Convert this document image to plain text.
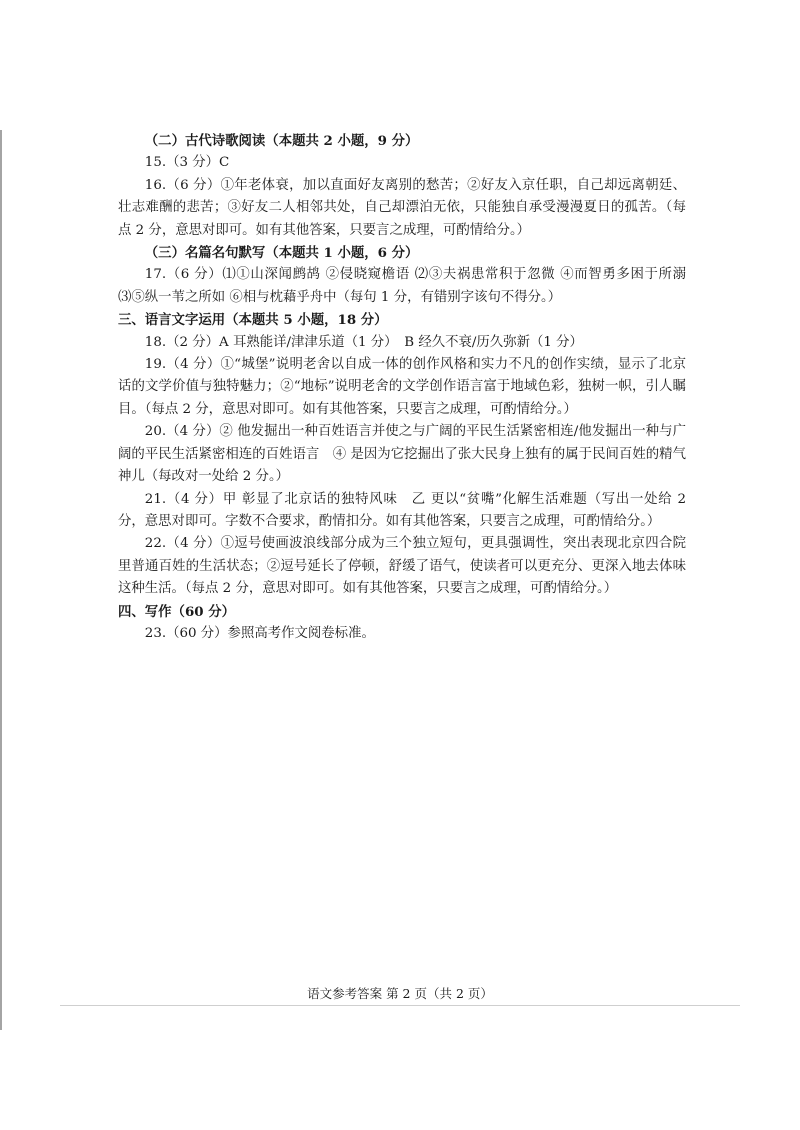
（二）古代诗歌阅读（本题共 2 小题，9 分）

15.（3 分）C

16.（6 分）①年老体衰，加以直面好友离别的愁苦；②好友入京任职，自己却远离朝廷、壮志难酬的悲苦；③好友二人相邻共处，自己却漂泊无依，只能独自承受漫漫夏日的孤苦。（每点 2 分，意思对即可。如有其他答案，只要言之成理，可酌情给分。）

（三）名篇名句默写（本题共 1 小题，6 分）

17.（6 分）⑴①山深闻鹧鸪 ②侵晓窥檐语 ⑵③夫祸患常积于忽微 ④而智勇多困于所溺 ⑶⑤纵一苇之所如 ⑥相与枕藉乎舟中（每句 1 分，有错别字该句不得分。）

三、语言文字运用（本题共 5 小题，18 分）

18.（2 分）A 耳熟能详/津津乐道（1 分）　B 经久不衰/历久弥新（1 分）

19.（4 分）①“城堡”说明老舍以自成一体的创作风格和实力不凡的创作实绩，显示了北京话的文学价值与独特魅力；②“地标”说明老舍的文学创作语言富于地域色彩，独树一帜，引人瞩目。（每点 2 分，意思对即可。如有其他答案，只要言之成理，可酌情给分。）

20.（4 分）② 他发掘出一种百姓语言并使之与广阔的平民生活紧密相连/他发掘出一种与广阔的平民生活紧密相连的百姓语言　④ 是因为它挖掘出了张大民身上独有的属于民间百姓的精气神儿（每改对一处给 2 分。）

21.（4 分）甲 彰显了北京话的独特风味　乙 更以“贫嘴”化解生活难题（写出一处给 2 分，意思对即可。字数不合要求，酌情扣分。如有其他答案，只要言之成理，可酌情给分。）

22.（4 分）①逗号使画波浪线部分成为三个独立短句，更具强调性，突出表现北京四合院里普通百姓的生活状态；②逗号延长了停顿，舒缓了语气，使读者可以更充分、更深入地去体味这种生活。（每点 2 分，意思对即可。如有其他答案，只要言之成理，可酌情给分。）

四、写作（60 分）

23.（60 分）参照高考作文阅卷标准。

语文参考答案 第 2 页（共 2 页）
